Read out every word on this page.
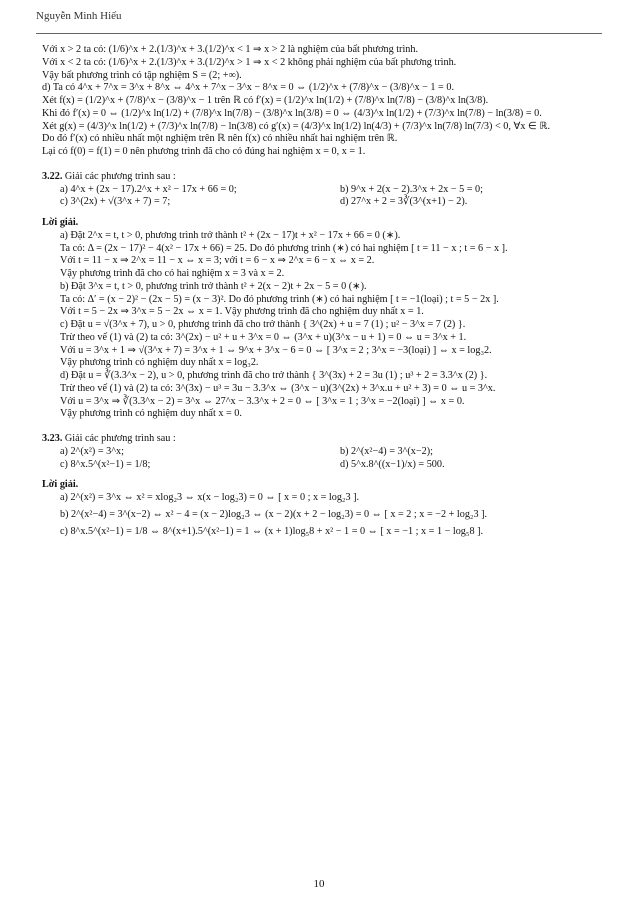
Nguyễn Minh Hiếu
Với x > 2 ta có: (1/6)^x + 2.(1/3)^x + 3.(1/2)^x < 1 ⇒ x > 2 là nghiệm của bất phương trình.
Với x < 2 ta có: (1/6)^x + 2.(1/3)^x + 3.(1/2)^x > 1 ⇒ x < 2 không phải nghiệm của bất phương trình.
Vậy bất phương trình có tập nghiệm S = (2; +∞).
d) Ta có 4^x + 7^x = 3^x + 8^x ⇔ 4^x + 7^x − 3^x − 8^x = 0 ⇔ (1/2)^x + (7/8)^x − (3/8)^x − 1 = 0.
Xét f(x) = (1/2)^x + (7/8)^x − (3/8)^x − 1 trên ℝ có f′(x) = (1/2)^x ln(1/2) + (7/8)^x ln(7/8) − (3/8)^x ln(3/8).
Khi đó f′(x) = 0 ⇔ (1/2)^x ln(1/2) + (7/8)^x ln(7/8) − (3/8)^x ln(3/8) = 0 ⇔ (4/3)^x ln(1/2) + (7/3)^x ln(7/8) − ln(3/8) = 0.
Xét g(x) = (4/3)^x ln(1/2) + (7/3)^x ln(7/8) − ln(3/8) có g′(x) = (4/3)^x ln(1/2) ln(4/3) + (7/3)^x ln(7/8) ln(7/3) < 0, ∀x ∈ ℝ.
Do đó f′(x) có nhiều nhất một nghiệm trên ℝ nên f(x) có nhiều nhất hai nghiệm trên ℝ.
Lại có f(0) = f(1) = 0 nên phương trình đã cho có đúng hai nghiệm x = 0, x = 1.
3.22. Giải các phương trình sau :
a) 4^x + (2x − 17).2^x + x² − 17x + 66 = 0;	b) 9^x + 2(x − 2).3^x + 2x − 5 = 0;
c) 3^(2x) + √(3^x + 7) = 7;	d) 27^x + 2 = 3∛(3^(x+1) − 2).
Lời giải.
a) Đặt 2^x = t, t > 0, phương trình trở thành t² + (2x − 17)t + x² − 17x + 66 = 0 (∗).
Ta có: Δ = (2x − 17)² − 4(x² − 17x + 66) = 25. Do đó phương trình (∗) có hai nghiệm [ t = 11 − x ; t = 6 − x ].
Với t = 11 − x ⇒ 2^x = 11 − x ⇔ x = 3; với t = 6 − x ⇒ 2^x = 6 − x ⇔ x = 2.
Vậy phương trình đã cho có hai nghiệm x = 3 và x = 2.
b) Đặt 3^x = t, t > 0, phương trình trở thành t² + 2(x − 2)t + 2x − 5 = 0 (∗).
Ta có: Δ′ = (x − 2)² − (2x − 5) = (x − 3)². Do đó phương trình (∗) có hai nghiệm [ t = −1(loại) ; t = 5 − 2x ].
Với t = 5 − 2x ⇒ 3^x = 5 − 2x ⇔ x = 1. Vậy phương trình đã cho nghiệm duy nhất x = 1.
c) Đặt u = √(3^x + 7), u > 0, phương trình đã cho trở thành { 3^(2x) + u = 7 (1) ; u² − 3^x = 7 (2) }.
Trừ theo vế (1) và (2) ta có: 3^(2x) − u² + u + 3^x = 0 ⇔ (3^x + u)(3^x − u + 1) = 0 ⇔ u = 3^x + 1.
Với u = 3^x + 1 ⇒ √(3^x + 7) = 3^x + 1 ⇔ 9^x + 3^x − 6 = 0 ⇔ [ 3^x = 2 ; 3^x = −3(loại) ] ⇔ x = log₃2.
Vậy phương trình có nghiệm duy nhất x = log₃2.
d) Đặt u = ∛(3.3^x − 2), u > 0, phương trình đã cho trở thành { 3^(3x) + 2 = 3u (1) ; u³ + 2 = 3.3^x (2) }.
Trừ theo vế (1) và (2) ta có: 3^(3x) − u³ = 3u − 3.3^x ⇔ (3^x − u)(3^(2x) + 3^x.u + u² + 3) = 0 ⇔ u = 3^x.
Với u = 3^x ⇒ ∛(3.3^x − 2) = 3^x ⇔ 27^x − 3.3^x + 2 = 0 ⇔ [ 3^x = 1 ; 3^x = −2(loại) ] ⇔ x = 0.
Vậy phương trình có nghiệm duy nhất x = 0.
3.23. Giải các phương trình sau :
a) 2^(x²) = 3^x;	b) 2^(x²−4) = 3^(x−2);
c) 8^x.5^(x²−1) = 1/8;	d) 5^x.8^((x−1)/x) = 500.
Lời giải.
a) 2^(x²) = 3^x ⇔ x² = xlog₂3 ⇔ x(x − log₂3) = 0 ⇔ [ x = 0 ; x = log₂3 ].
b) 2^(x²−4) = 3^(x−2) ⇔ x² − 4 = (x − 2)log₂3 ⇔ (x − 2)(x + 2 − log₂3) = 0 ⇔ [ x = 2 ; x = −2 + log₂3 ].
c) 8^x.5^(x²−1) = 1/8 ⇔ 8^(x+1).5^(x²−1) = 1 ⇔ (x + 1)log₅8 + x² − 1 = 0 ⇔ [ x = −1 ; x = 1 − log₅8 ].
10
